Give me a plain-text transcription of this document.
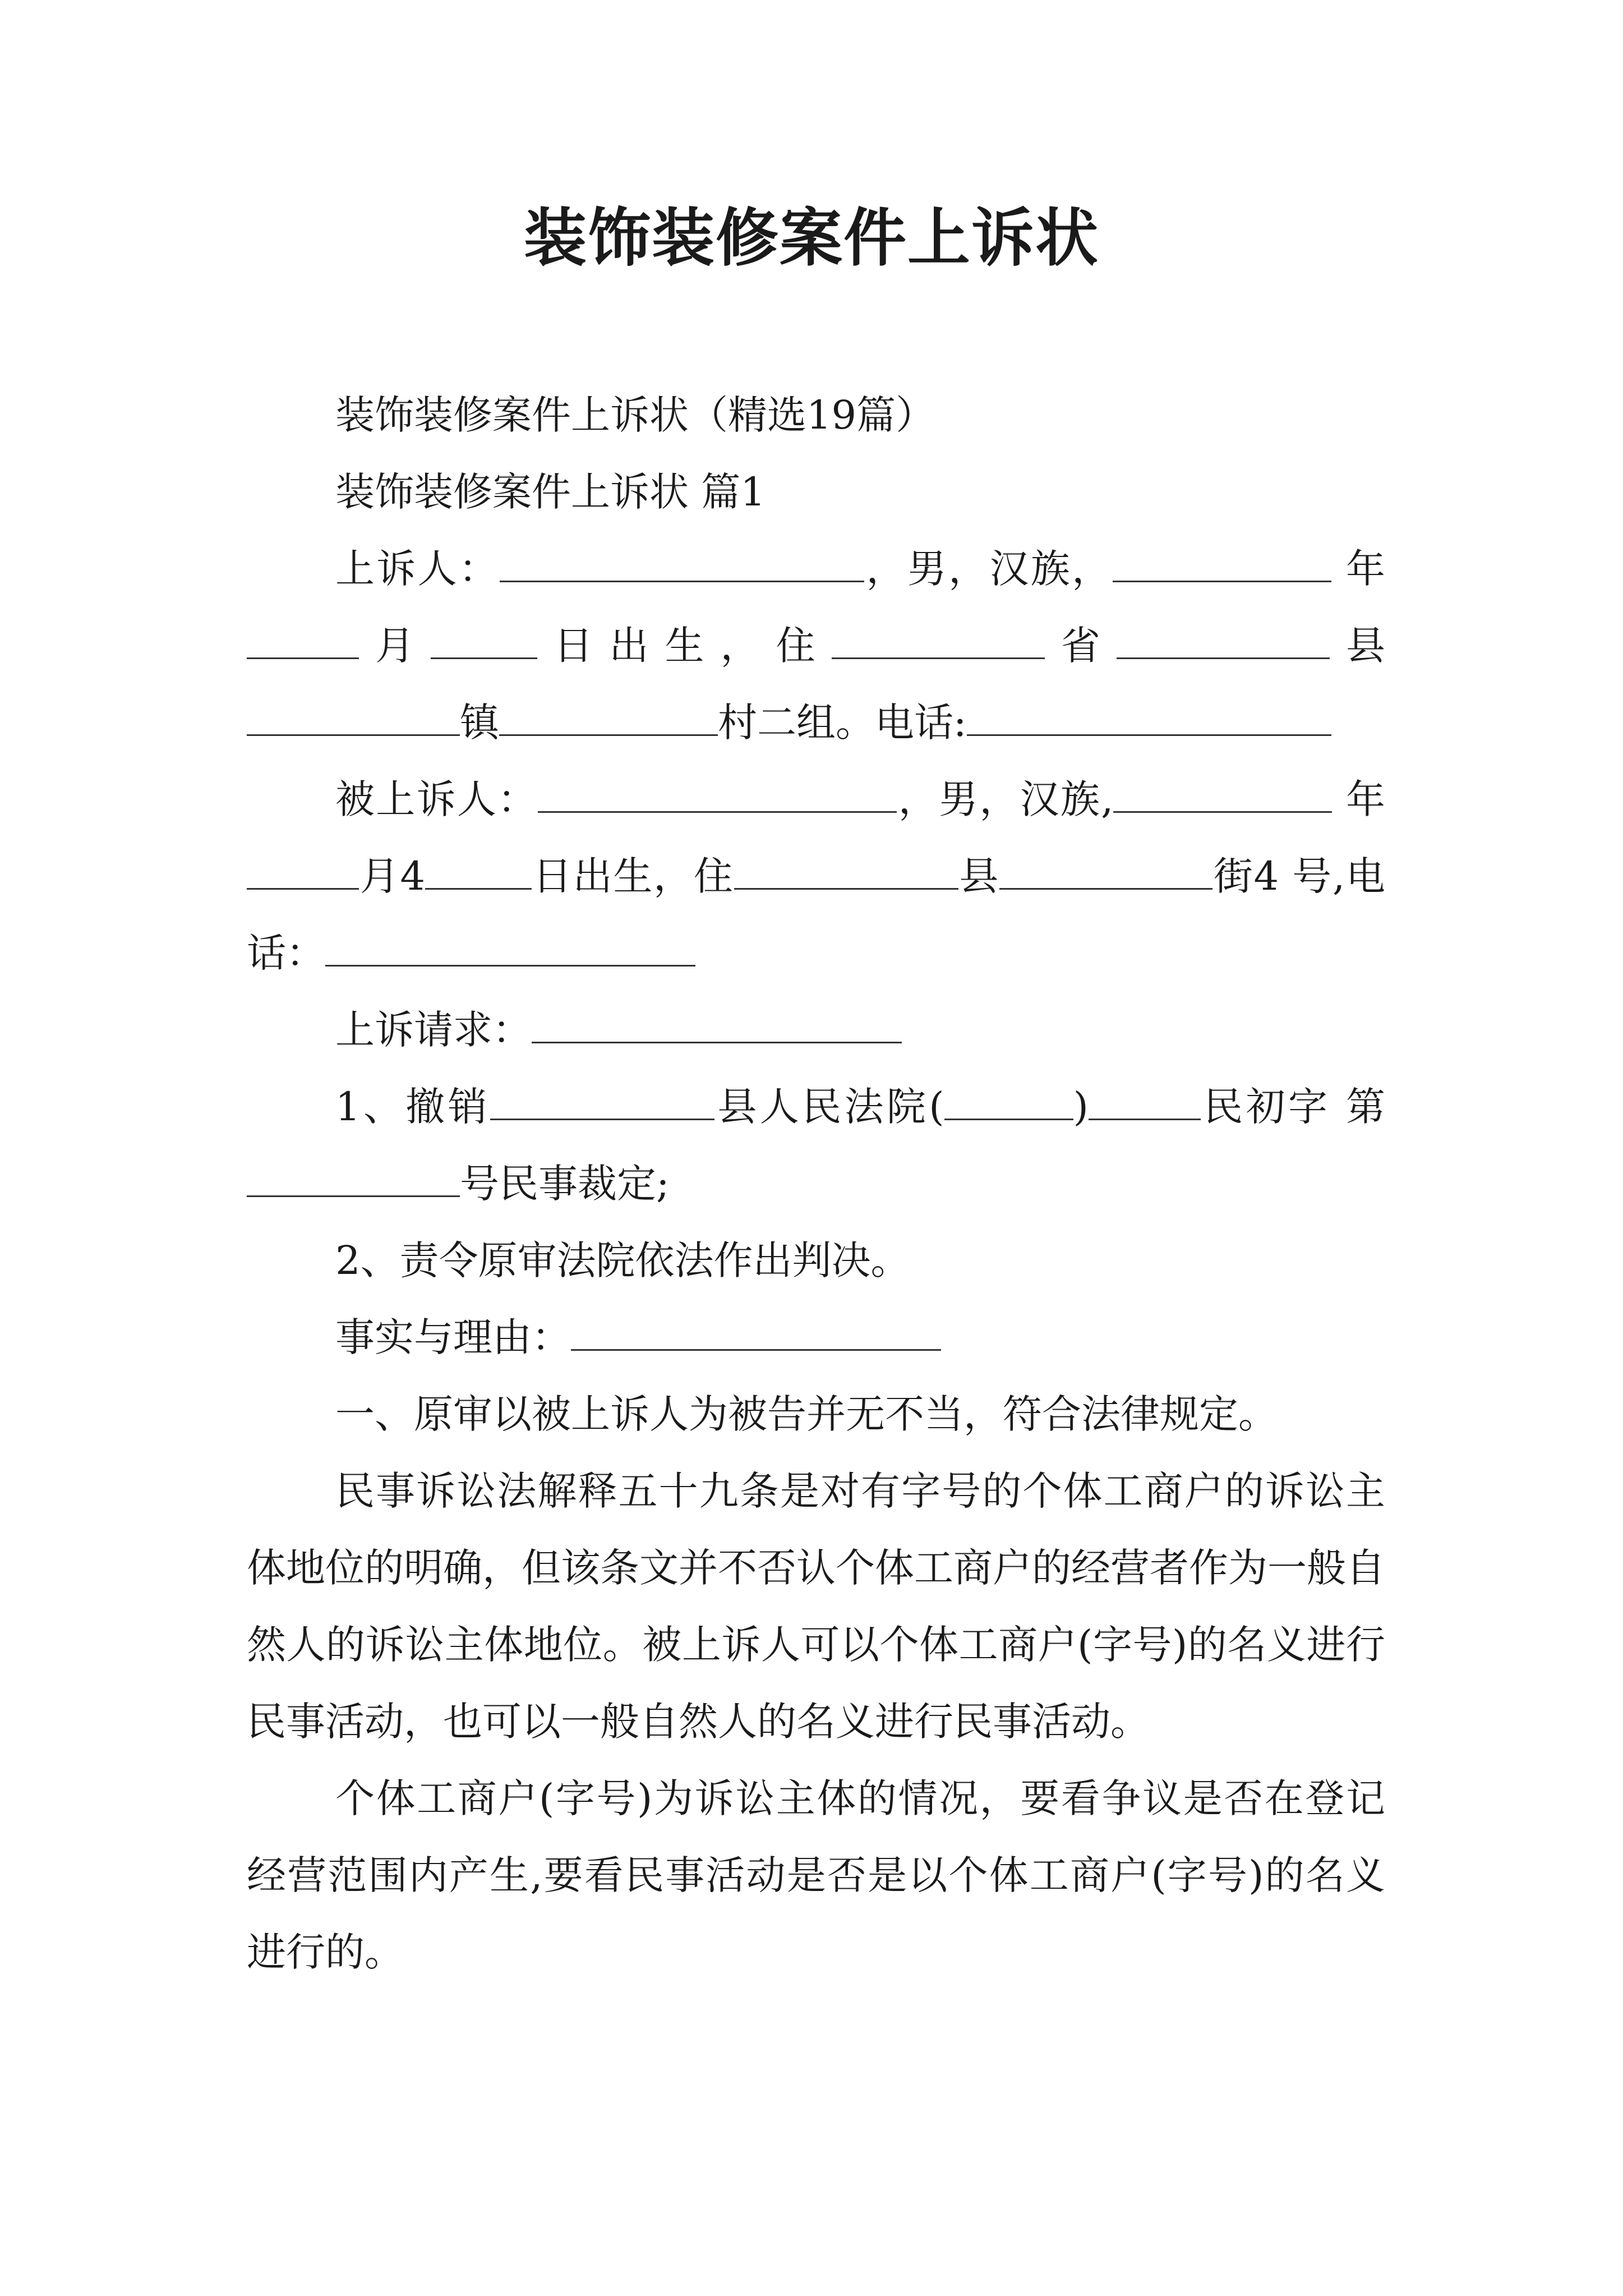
装饰装修案件上诉状

装饰装修案件上诉状（精选19篇）

装饰装修案件上诉状 篇1

上诉人：	，男，汉族，	年月	日出生，住	省	县 镇	村二组。电话:

被上诉人：	，男，汉族,	年月4	日出生，住	县	街4 号,电话：

上诉请求：

1、撤销	县人民法院(	)	民初字 第号民事裁定;

2、责令原审法院依法作出判决。

事实与理由：

一、原审以被上诉人为被告并无不当，符合法律规定。

民事诉讼法解释五十九条是对有字号的个体工商户的诉讼主体地位的明确，但该条文并不否认个体工商户的经营者作为一般自然人的诉讼主体地位。被上诉人可以个体工商户(字号)的名义进行民事活动，也可以一般自然人的名义进行民事活动。

个体工商户(字号)为诉讼主体的情况，要看争议是否在登记经营范围内产生,要看民事活动是否是以个体工商户(字号)的名义进行的。
